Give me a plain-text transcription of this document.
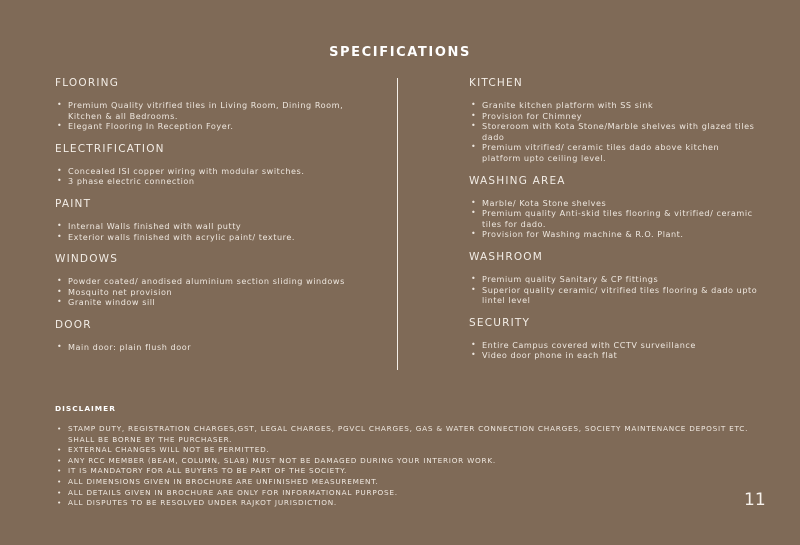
SPECIFICATIONS
FLOORING
• Premium Quality vitrified tiles in Living Room, Dining Room, Kitchen & all Bedrooms.
• Elegant Flooring In Reception Foyer.
ELECTRIFICATION
• Concealed ISI copper wiring with modular switches.
• 3 phase electric connection
PAINT
• Internal Walls finished with wall putty
• Exterior walls finished with acrylic paint/ texture.
WINDOWS
• Powder coated/ anodised aluminium section sliding windows
• Mosquito net provision
• Granite window sill
DOOR
• Main door: plain flush door
KITCHEN
• Granite kitchen platform with SS sink
• Provision for Chimney
• Storeroom with Kota Stone/Marble shelves with glazed tiles dado
• Premium vitrified/ ceramic tiles dado above kitchen platform upto ceiling level.
WASHING AREA
• Marble/ Kota Stone shelves
• Premium quality Anti-skid tiles flooring & vitrified/ ceramic tiles for dado.
• Provision for Washing machine & R.O. Plant.
WASHROOM
• Premium quality Sanitary & CP fittings
• Superior quality ceramic/ vitrified tiles flooring & dado upto lintel level
SECURITY
• Entire Campus covered with CCTV surveillance
• Video door phone in each flat
DISCLAIMER
• STAMP DUTY, REGISTRATION CHARGES,GST, LEGAL CHARGES, PGVCL CHARGES, GAS & WATER CONNECTION CHARGES, SOCIETY MAINTENANCE DEPOSIT ETC. SHALL BE BORNE BY THE PURCHASER.
• EXTERNAL CHANGES WILL NOT BE PERMITTED.
• ANY RCC MEMBER (BEAM, COLUMN, SLAB) MUST NOT BE DAMAGED DURING YOUR INTERIOR WORK.
• IT IS MANDATORY FOR ALL BUYERS TO BE PART OF THE SOCIETY.
• ALL DIMENSIONS GIVEN IN BROCHURE ARE UNFINISHED MEASUREMENT.
• ALL DETAILS GIVEN IN BROCHURE ARE ONLY FOR INFORMATIONAL PURPOSE.
• ALL DISPUTES TO BE RESOLVED UNDER RAJKOT JURISDICTION.	11
